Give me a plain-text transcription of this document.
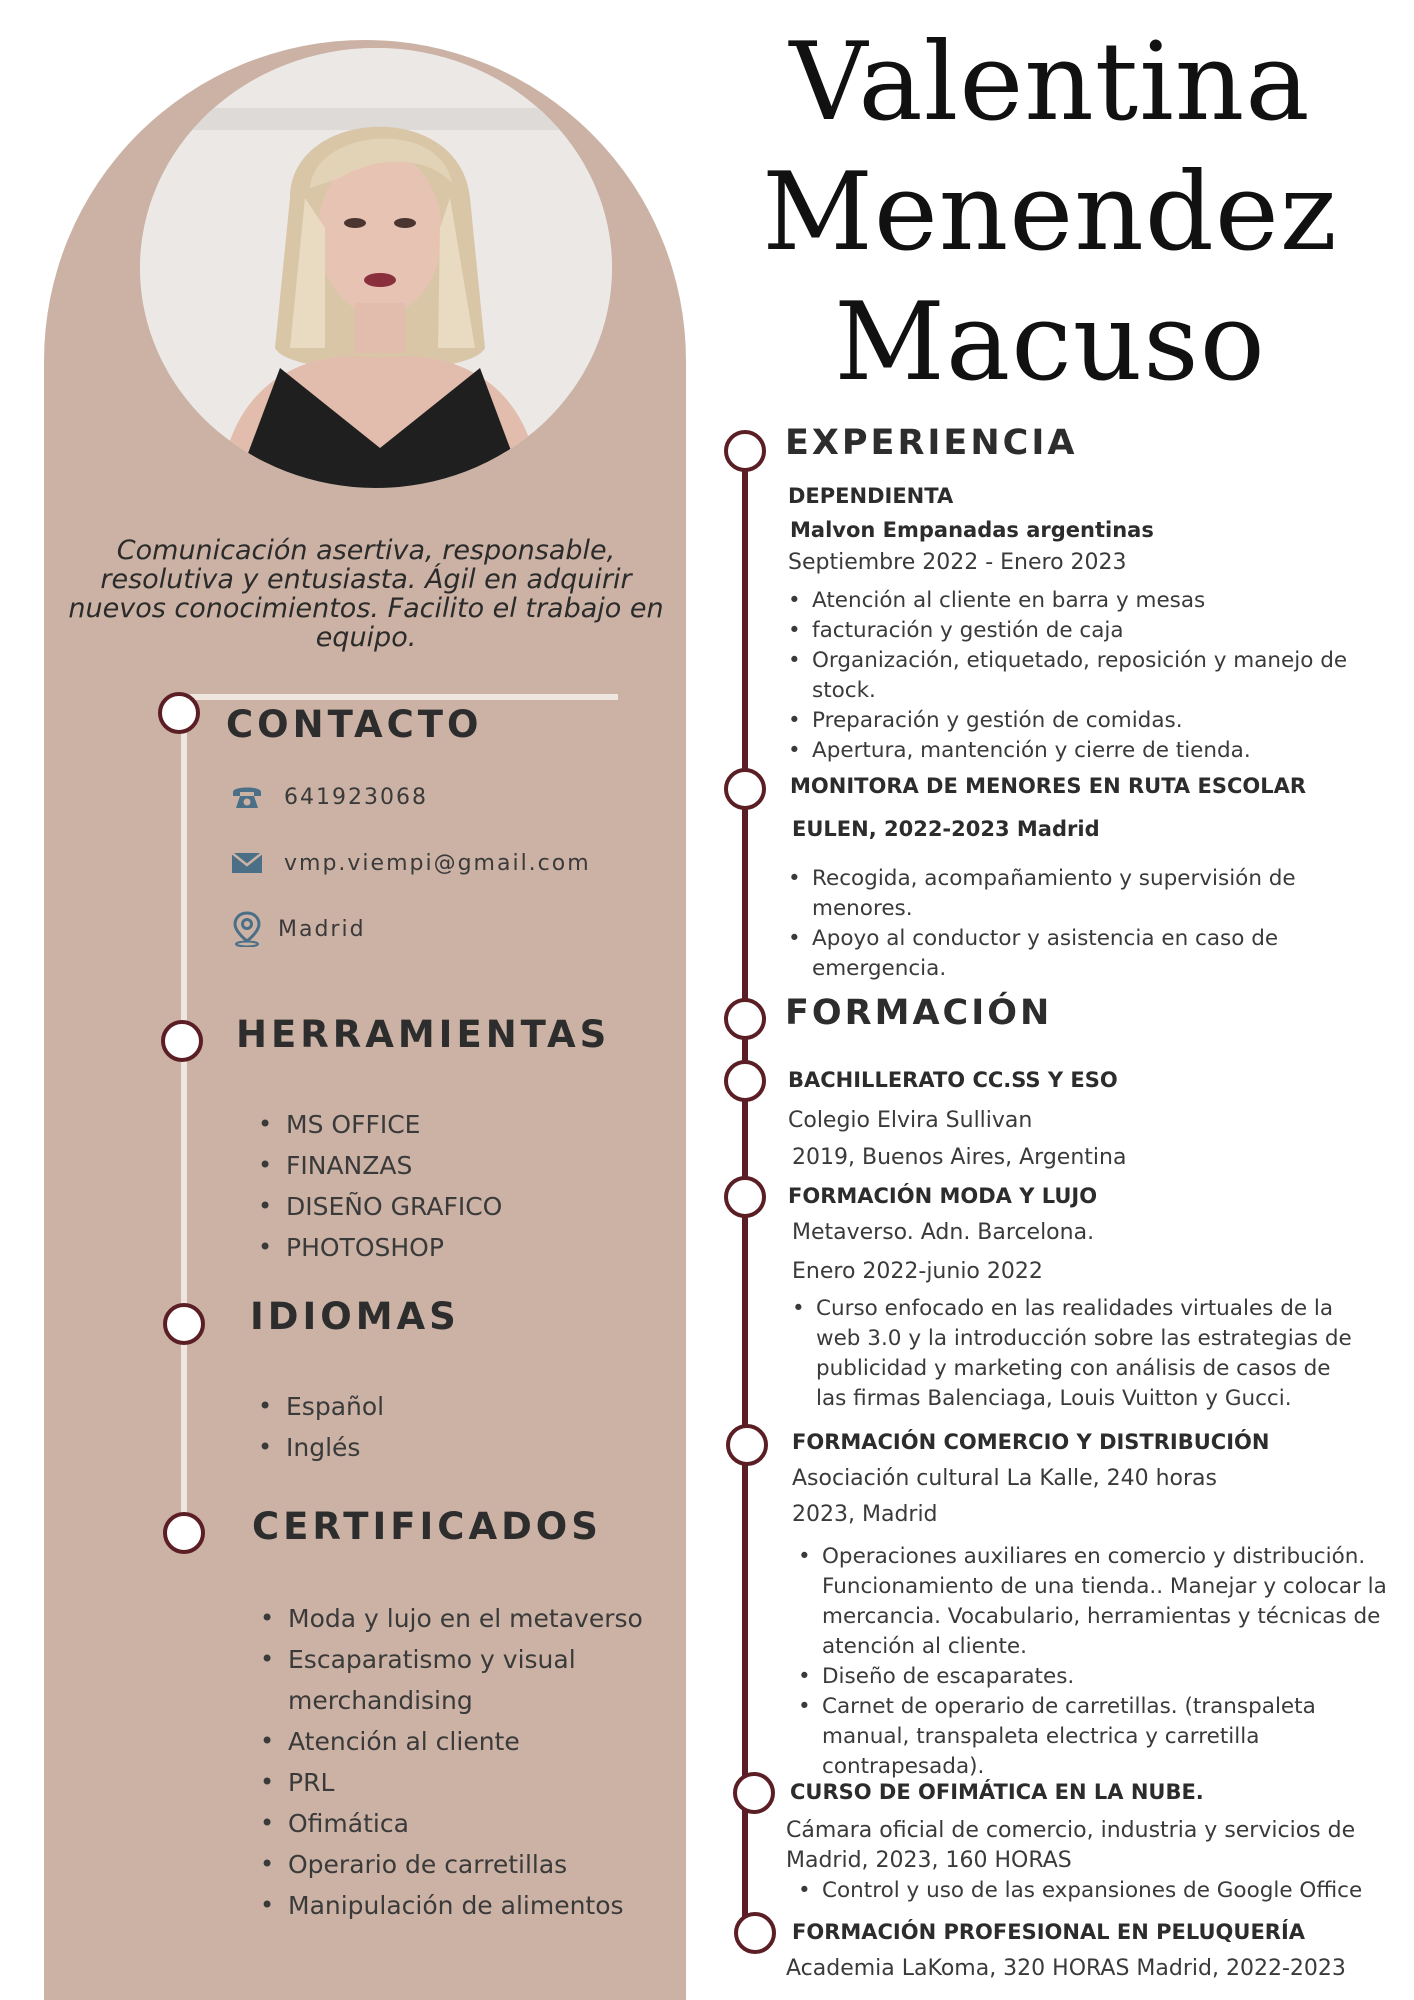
Comunicación asertiva, responsable, resolutiva y entusiasta. Ágil en adquirir nuevos conocimientos. Facilito el trabajo en equipo.
CONTACTO
641923068
vmp.viempi@gmail.com
Madrid
HERRAMIENTAS
• MS OFFICE
• FINANZAS
• DISEÑO GRAFICO
• PHOTOSHOP
IDIOMAS
• Español
• Inglés
CERTIFICADOS
• Moda y lujo en el metaverso
• Escaparatismo y visual merchandising
• Atención al cliente
• PRL
• Ofimática
• Operario de carretillas
• Manipulación de alimentos
Valentina
Menendez
Macuso
EXPERIENCIA
DEPENDIENTA
Malvon Empanadas argentinas
Septiembre 2022 - Enero 2023
• Atención al cliente en barra y mesas
• facturación y gestión de caja
• Organización, etiquetado, reposición y manejo de stock.
• Preparación y gestión de comidas.
• Apertura, mantención y cierre de tienda.
MONITORA DE MENORES EN RUTA ESCOLAR
EULEN, 2022-2023 Madrid
• Recogida, acompañamiento y supervisión de menores.
• Apoyo al conductor y asistencia en caso de emergencia.
FORMACIÓN
BACHILLERATO CC.SS Y ESO
Colegio Elvira Sullivan
2019, Buenos Aires, Argentina
FORMACIÓN MODA Y LUJO
Metaverso. Adn. Barcelona.
Enero 2022-junio 2022
• Curso enfocado en las realidades virtuales de la web 3.0 y la introducción sobre las estrategias de publicidad y marketing con análisis de casos de las firmas Balenciaga, Louis Vuitton y Gucci.
FORMACIÓN COMERCIO Y DISTRIBUCIÓN
Asociación cultural La Kalle, 240 horas
2023, Madrid
• Operaciones auxiliares en comercio y distribución. Funcionamiento de una tienda.. Manejar y colocar la mercancia. Vocabulario, herramientas y técnicas de atención al cliente.
• Diseño de escaparates.
• Carnet de operario de carretillas. (transpaleta manual, transpaleta electrica y carretilla contrapesada).
CURSO DE OFIMÁTICA EN LA NUBE.
Cámara oficial de comercio, industria y servicios de
Madrid, 2023, 160 HORAS
• Control y uso de las expansiones de Google Office
FORMACIÓN PROFESIONAL EN PELUQUERÍA
Academia LaKoma, 320 HORAS Madrid, 2022-2023
